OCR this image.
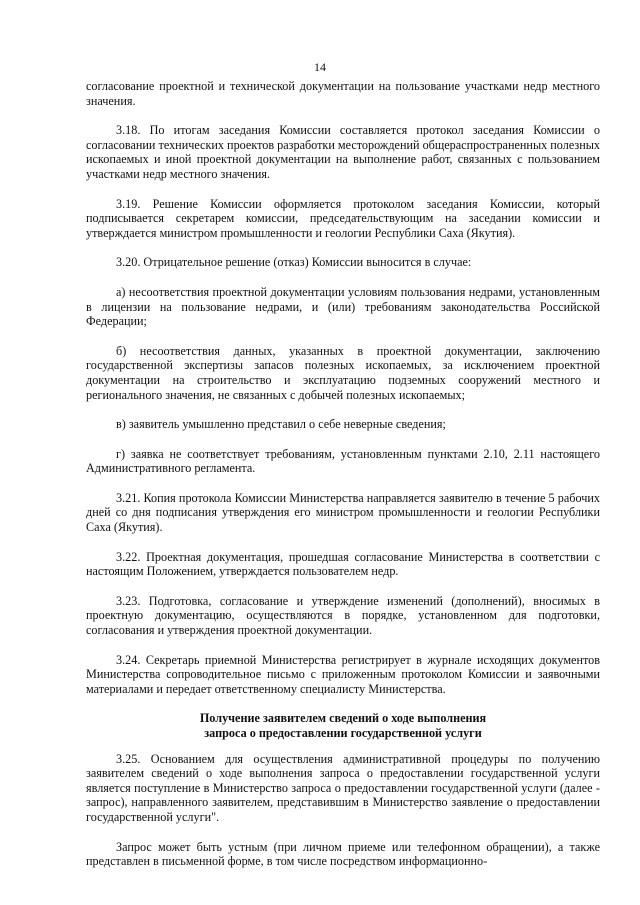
14

согласование проектной и технической документации на пользование участками недр местного значения.

3.18. По итогам заседания Комиссии составляется протокол заседания Комиссии о согласовании технических проектов разработки месторождений общераспространенных полезных ископаемых и иной проектной документации на выполнение работ, связанных с пользованием участками недр местного значения.

3.19. Решение Комиссии оформляется протоколом заседания Комиссии, который подписывается секретарем комиссии, председательствующим на заседании комиссии и утверждается министром промышленности и геологии Республики Саха (Якутия).

3.20. Отрицательное решение (отказ) Комиссии выносится в случае:

а) несоответствия проектной документации условиям пользования недрами, установленным в лицензии на пользование недрами, и (или) требованиям законодательства Российской Федерации;

б) несоответствия данных, указанных в проектной документации, заключению государственной экспертизы запасов полезных ископаемых, за исключением проектной документации на строительство и эксплуатацию подземных сооружений местного и регионального значения, не связанных с добычей полезных ископаемых;

в) заявитель умышленно представил о себе неверные сведения;

г) заявка не соответствует требованиям, установленным пунктами 2.10, 2.11 настоящего Административного регламента.

3.21. Копия протокола Комиссии Министерства направляется заявителю в течение 5 рабочих дней со дня подписания утверждения его министром промышленности и геологии Республики Саха (Якутия).

3.22. Проектная документация, прошедшая согласование Министерства в соответствии с настоящим Положением, утверждается пользователем недр.

3.23. Подготовка, согласование и утверждение изменений (дополнений), вносимых в проектную документацию, осуществляются в порядке, установленном для подготовки, согласования и утверждения проектной документации.

3.24. Секретарь приемной Министерства регистрирует в журнале исходящих документов Министерства сопроводительное письмо с приложенным протоколом Комиссии и заявочными материалами и передает ответственному специалисту Министерства.

Получение заявителем сведений о ходе выполнения
запроса о предоставлении государственной услуги

3.25. Основанием для осуществления административной процедуры по получению заявителем сведений о ходе выполнения запроса о предоставлении государственной услуги является поступление в Министерство запроса о предоставлении государственной услуги (далее - запрос), направленного заявителем, представившим в Министерство заявление о предоставлении государственной услуги".

Запрос может быть устным (при личном приеме или телефонном обращении), а также представлен в письменной форме, в том числе посредством информационно-
